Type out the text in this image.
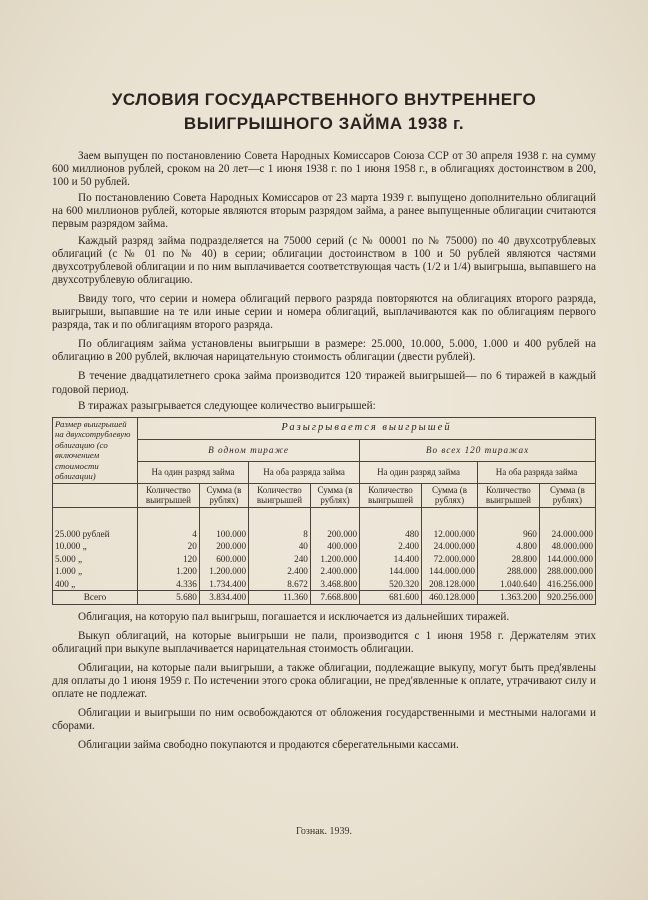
УСЛОВИЯ ГОСУДАРСТВЕННОГО ВНУТРЕННЕГО
ВЫИГРЫШНОГО ЗАЙМА 1938 г.

Заем выпущен по постановлению Совета Народных Комиссаров Союза ССР от 30 апреля 1938 г. на сумму 600 миллионов рублей, сроком на 20 лет—с 1 июня 1938 г. по 1 июня 1958 г., в облигациях достоинством в 200, 100 и 50 рублей.

По постановлению Совета Народных Комиссаров от 23 марта 1939 г. выпущено дополнительно облигаций на 600 миллионов рублей, которые являются вторым разрядом займа, а ранее выпущенные облигации считаются первым разрядом займа.

Каждый разряд займа подразделяется на 75000 серий (с № 00001 по № 75000) по 40 двухсотрублевых облигаций (с № 01 по № 40) в серии; облигации достоинством в 100 и 50 рублей являются частями двухсотрублевой облигации и по ним выплачивается соответствующая часть (1/2 и 1/4) выигрыша, выпавшего на двухсотрублевую облигацию.

Ввиду того, что серии и номера облигаций первого разряда повторяются на облигациях второго разряда, выигрыши, выпавшие на те или иные серии и номера облигаций, выплачиваются как по облигациям первого разряда, так и по облигациям второго разряда.

По облигациям займа установлены выигрыши в размере: 25.000, 10.000, 5.000, 1.000 и 400 рублей на облигацию в 200 рублей, включая нарицательную стоимость облигации (двести рублей).

В течение двадцатилетнего срока займа производится 120 тиражей выигрышей— по 6 тиражей в каждый годовой период.

В тиражах разыгрывается следующее количество выигрышей:

Размер выигрышей на двухсотрублевую облигацию (со включением стоимости облигации)	Разыгрывается выигрышей							
	В одном тираже				Во всех 120 тиражах			
	На один разряд займа		На оба разряда займа		На один разряд займа		На оба разряда займа	
	Количество выигрышей	Сумма (в рублях)	Количество выигрышей	Сумма (в рублях)	Количество выигрышей	Сумма (в рублях)	Количество выигрышей	Сумма (в рублях)

25.000 рублей	4	100.000	8	200.000	480	12.000.000	960	24.000.000
10.000 „	20	200.000	40	400.000	2.400	24.000.000	4.800	48.000.000
5.000 „	120	600.000	240	1.200.000	14.400	72.000.000	28.800	144.000.000
1.000 „	1.200	1.200.000	2.400	2.400.000	144.000	144.000.000	288.000	288.000.000
400 „	4.336	1.734.400	8.672	3.468.800	520.320	208.128.000	1.040.640	416.256.000
Всего	5.680	3.834.400	11.360	7.668.800	681.600	460.128.000	1.363.200	920.256.000

Облигация, на которую пал выигрыш, погашается и исключается из дальнейших тиражей.

Выкуп облигаций, на которые выигрыши не пали, производится с 1 июня 1958 г. Держателям этих облигаций при выкупе выплачивается нарицательная стоимость облигации.

Облигации, на которые пали выигрыши, а также облигации, подлежащие выкупу, могут быть пред'явлены для оплаты до 1 июня 1959 г. По истечении этого срока облигации, не пред'явленные к оплате, утрачивают силу и оплате не подлежат.

Облигации и выигрыши по ним освобождаются от обложения государственными и местными налогами и сборами.

Облигации займа свободно покупаются и продаются сберегательными кассами.

Гознак. 1939.
